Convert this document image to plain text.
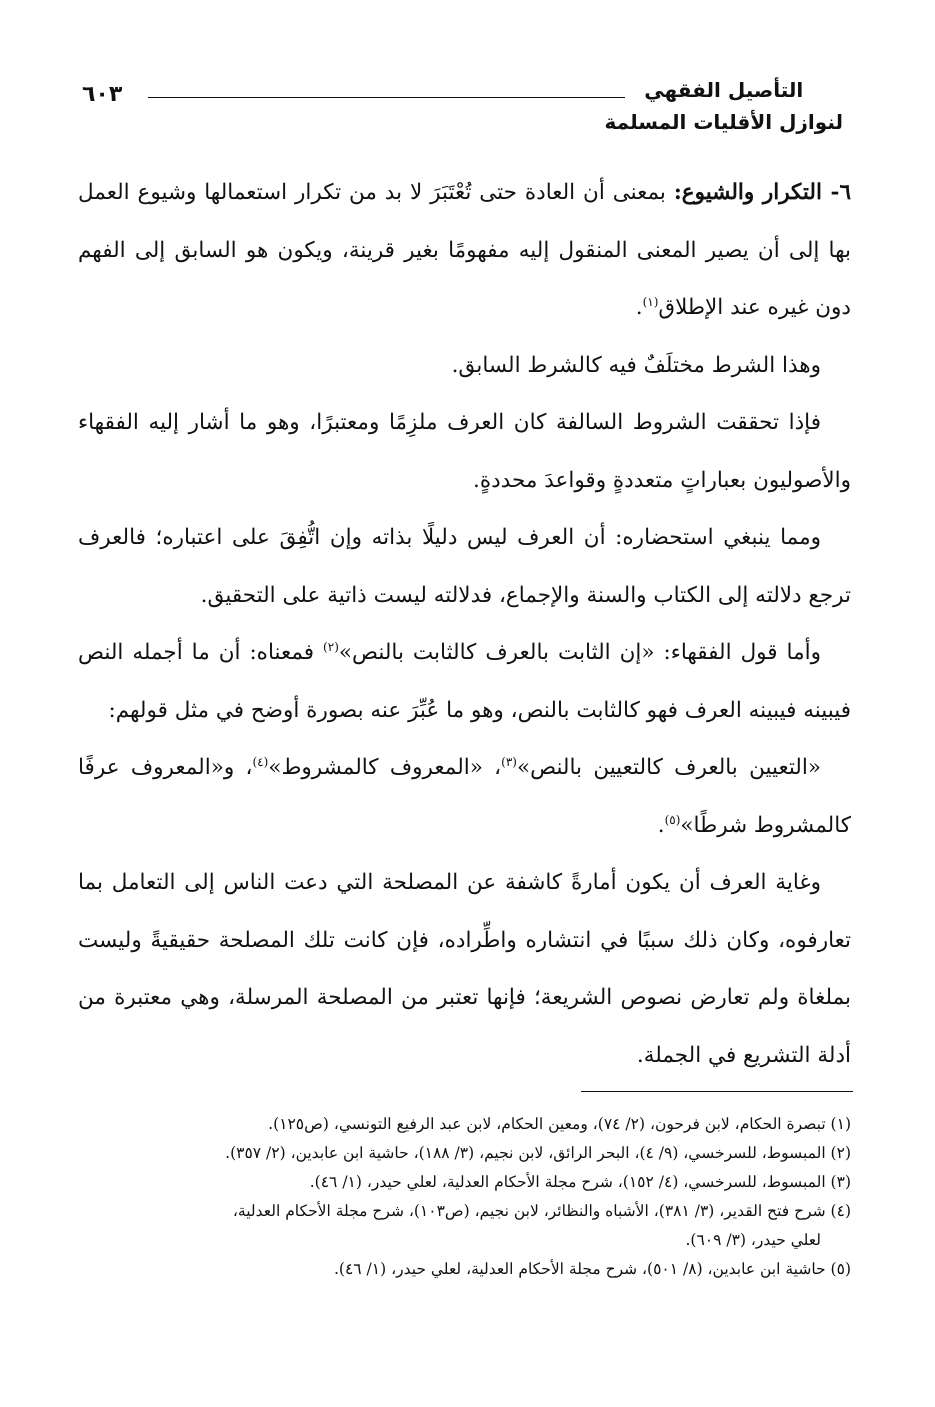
التأصيل الفقهي
لنوازل الأقليات المسلمة
٦٠٣

٦- التكرار والشيوع: بمعنى أن العادة حتى تُعْتَبَرَ لا بد من تكرار استعمالها وشيوع العمل بها إلى أن يصير المعنى المنقول إليه مفهومًا بغير قرينة، ويكون هو السابق إلى الفهم دون غيره عند الإطلاق$^{(١)}$.

وهذا الشرط مختلَفٌ فيه كالشرط السابق.

فإذا تحققت الشروط السالفة كان العرف ملزِمًا ومعتبرًا، وهو ما أشار إليه الفقهاء والأصوليون بعباراتٍ متعددةٍ وقواعدَ محددةٍ.

ومما ينبغي استحضاره: أن العرف ليس دليلًا بذاته وإن اتُّفِقَ على اعتباره؛ فالعرف ترجع دلالته إلى الكتاب والسنة والإجماع، فدلالته ليست ذاتية على التحقيق.

وأما قول الفقهاء: «إن الثابت بالعرف كالثابت بالنص»$^{(٢)}$ فمعناه: أن ما أجمله النص فيبينه فيبينه العرف فهو كالثابت بالنص، وهو ما عُبِّرَ عنه بصورة أوضح في مثل قولهم:

«التعيين بالعرف كالتعيين بالنص»$^{(٣)}$، «المعروف كالمشروط»$^{(٤)}$، و«المعروف عرفًا كالمشروط شرطًا»$^{(٥)}$.

وغاية العرف أن يكون أمارةً كاشفة عن المصلحة التي دعت الناس إلى التعامل بما تعارفوه، وكان ذلك سببًا في انتشاره واطِّراده، فإن كانت تلك المصلحة حقيقيةً وليست بملغاة ولم تعارض نصوص الشريعة؛ فإنها تعتبر من المصلحة المرسلة، وهي معتبرة من أدلة التشريع في الجملة.

(١) تبصرة الحكام، لابن فرحون، (٢/ ٧٤)، ومعين الحكام، لابن عبد الرفيع التونسي، (ص١٢٥).

(٢) المبسوط، للسرخسي، (٩/ ٤)، البحر الرائق، لابن نجيم، (٣/ ١٨٨)، حاشية ابن عابدين، (٢/ ٣٥٧).

(٣) المبسوط، للسرخسي، (٤/ ١٥٢)، شرح مجلة الأحكام العدلية، لعلي حيدر، (١/ ٤٦).

(٤) شرح فتح القدير، (٣/ ٣٨١)، الأشباه والنظائر، لابن نجيم، (ص١٠٣)، شرح مجلة الأحكام العدلية،
لعلي حيدر، (٣/ ٦٠٩).

(٥) حاشية ابن عابدين، (٨/ ٥٠١)، شرح مجلة الأحكام العدلية، لعلي حيدر، (١/ ٤٦).
